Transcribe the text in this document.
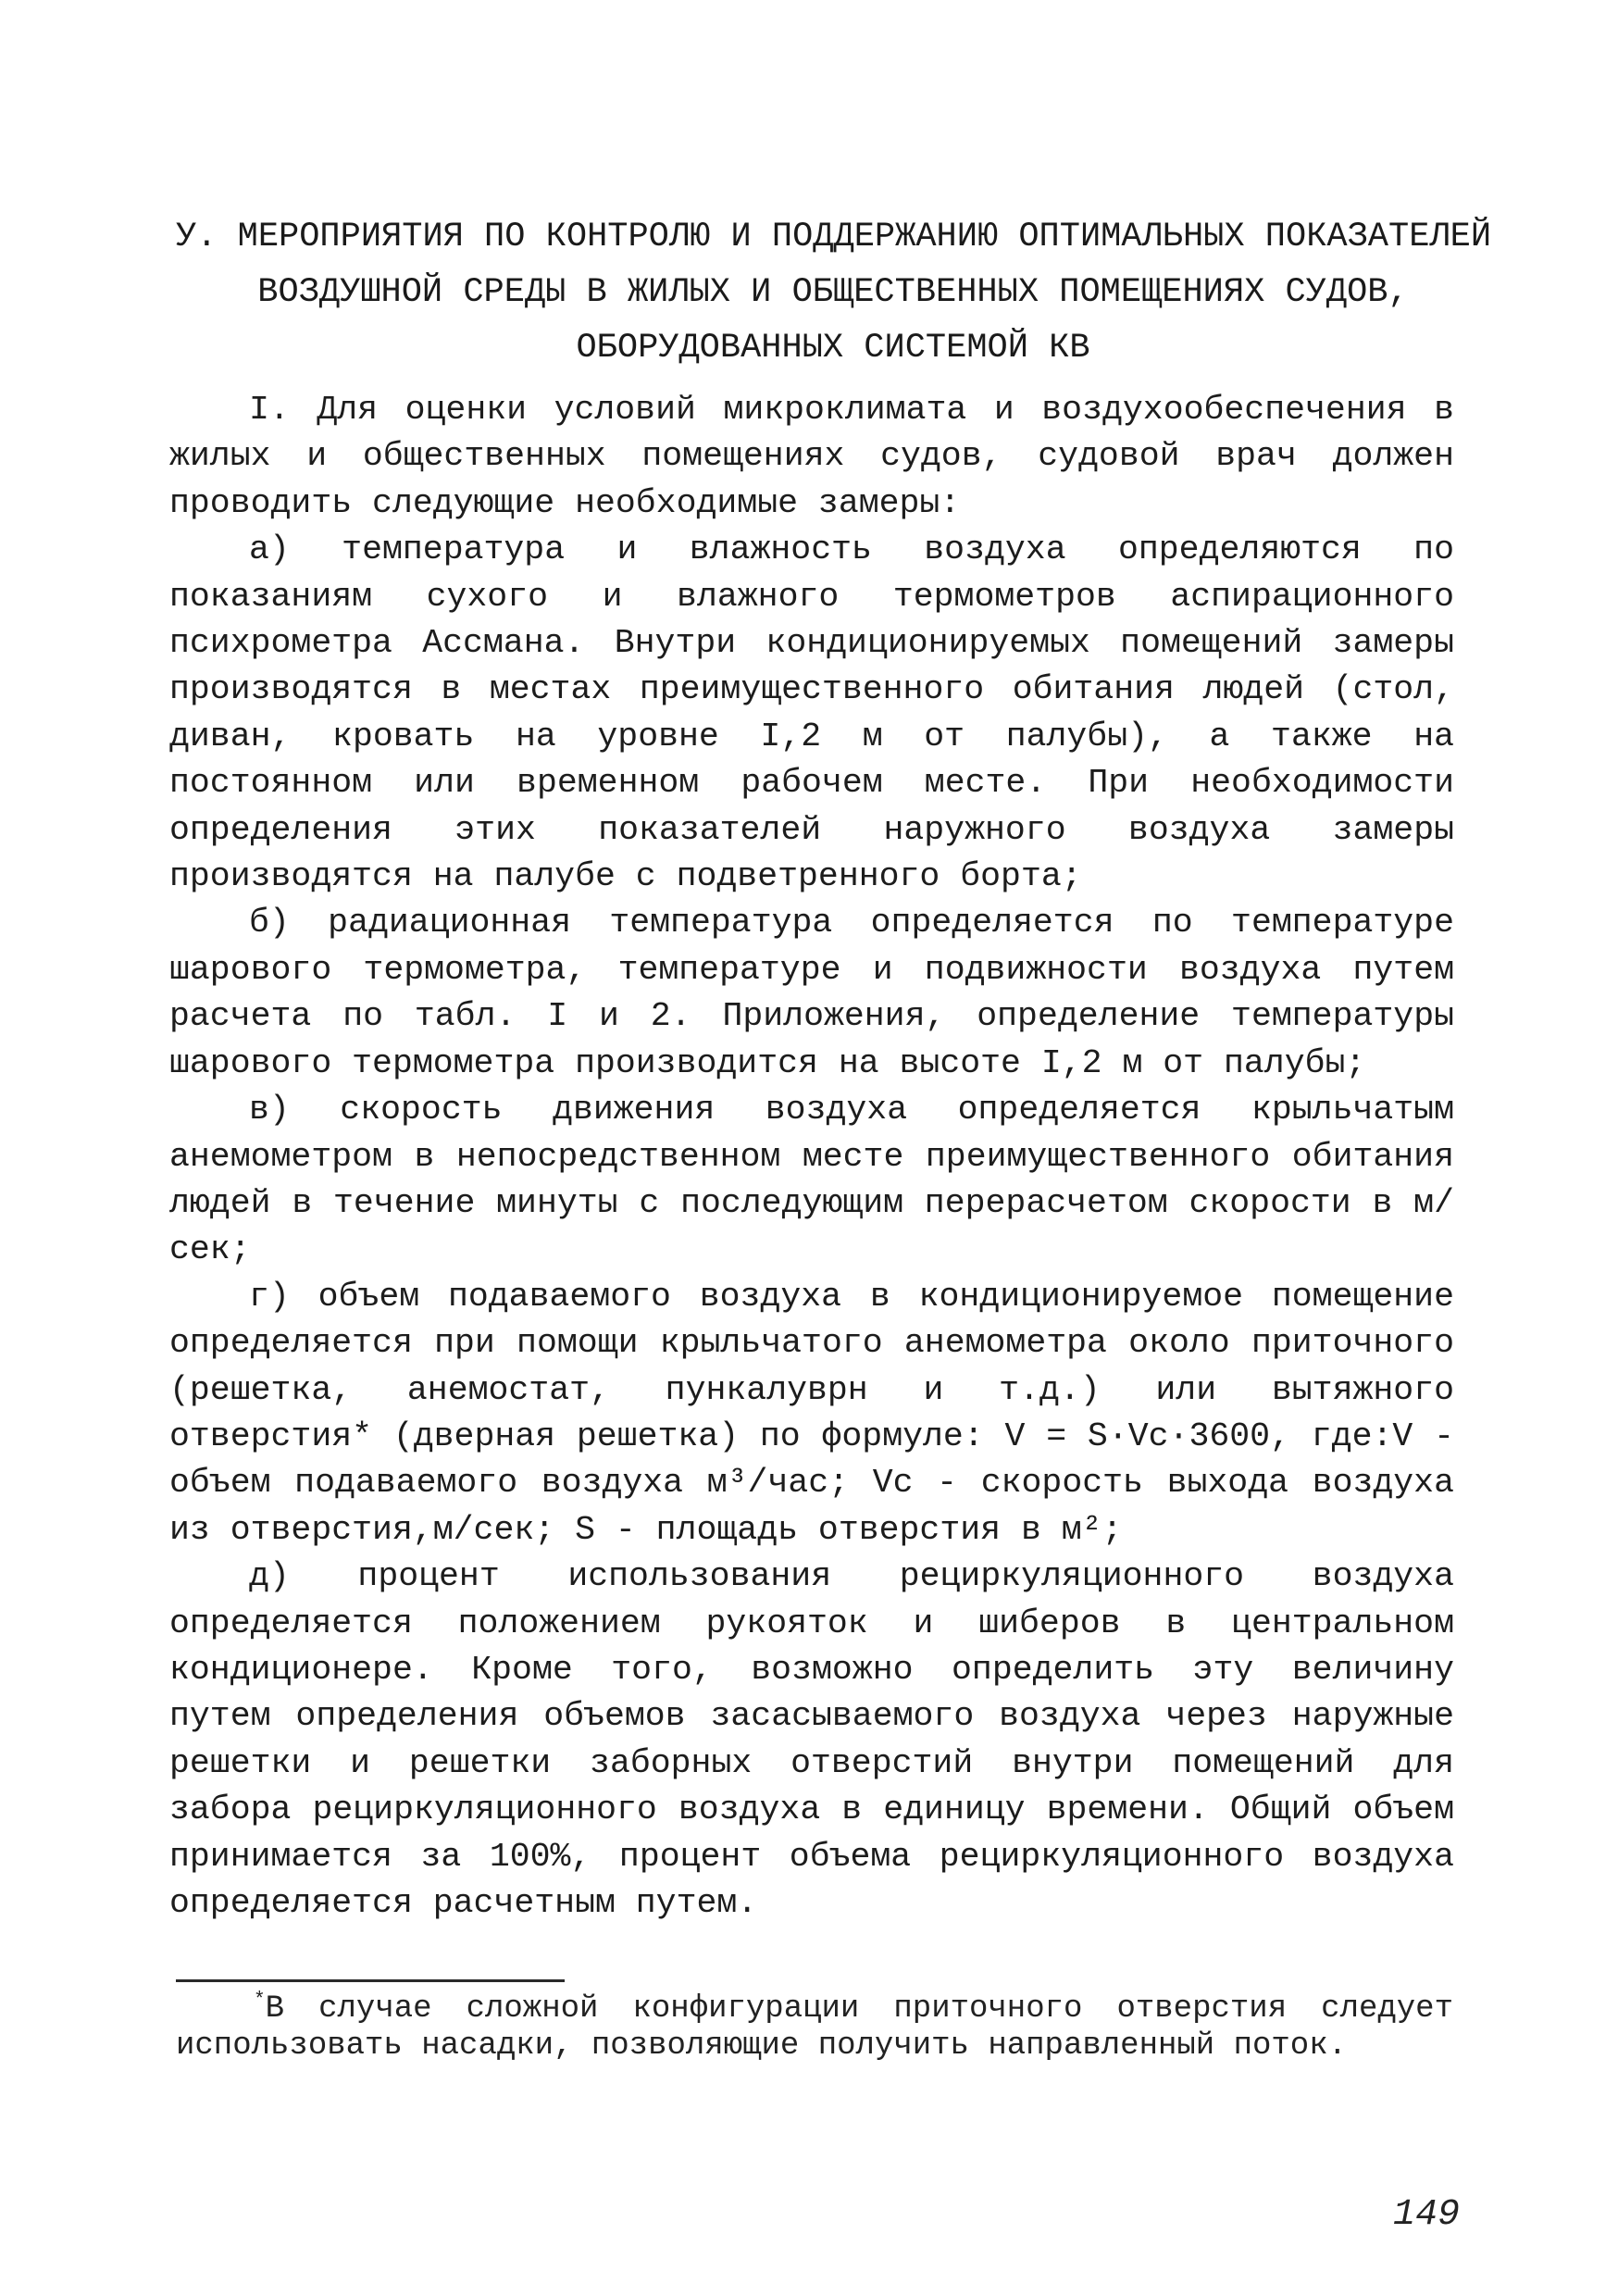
У. МЕРОПРИЯТИЯ ПО КОНТРОЛЮ И ПОДДЕРЖАНИЮ ОПТИМАЛЬНЫХ ПОКАЗАТЕЛЕЙ
ВОЗДУШНОЙ СРЕДЫ В ЖИЛЫХ И ОБЩЕСТВЕННЫХ ПОМЕЩЕНИЯХ СУДОВ,
ОБОРУДОВАННЫХ СИСТЕМОЙ КВ

I. Для оценки условий микроклимата и воздухообеспечения в жилых и общественных помещениях судов, судовой врач должен проводить следующие необходимые замеры:

а) температура и влажность воздуха определяются по показаниям сухого и влажного термометров аспирационного психрометра Ассмана. Внутри кондиционируемых помещений замеры производятся в местах преимущественного обитания людей (стол, диван, кровать на уровне I,2 м от палубы), а также на постоянном или временном рабочем месте. При необходимости определения этих показателей наружного воздуха замеры производятся на палубе с подветренного борта;

б) радиационная температура определяется по температуре шарового термометра, температуре и подвижности воздуха путем расчета по табл. I и 2. Приложения, определение температуры шарового термометра производится на высоте I,2 м от палубы;

в) скорость движения воздуха определяется крыльчатым анемометром в непосредственном месте преимущественного обитания людей в течение минуты с последующим перерасчетом скорости в м/сек;

г) объем подаваемого воздуха в кондиционируемое помещение определяется при помощи крыльчатого анемометра около приточного (решетка, анемостат, пункалуврн и т.д.) или вытяжного отверстия* (дверная решетка) по формуле: V = S·Vc·3600, где:V - объем подаваемого воздуха м³/час; Vc - скорость выхода воздуха из отверстия,м/сек; S - площадь отверстия в м²;

д) процент использования рециркуляционного воздуха определяется положением рукояток и шиберов в центральном кондиционере. Кроме того, возможно определить эту величину путем определения объемов засасываемого воздуха через наружные решетки и решетки заборных отверстий внутри помещений для забора рециркуляционного воздуха в единицу времени. Общий объем принимается за 100%, процент объема рециркуляционного воздуха определяется расчетным путем.

*В случае сложной конфигурации приточного отверстия следует использовать насадки, позволяющие получить направленный поток.
149
